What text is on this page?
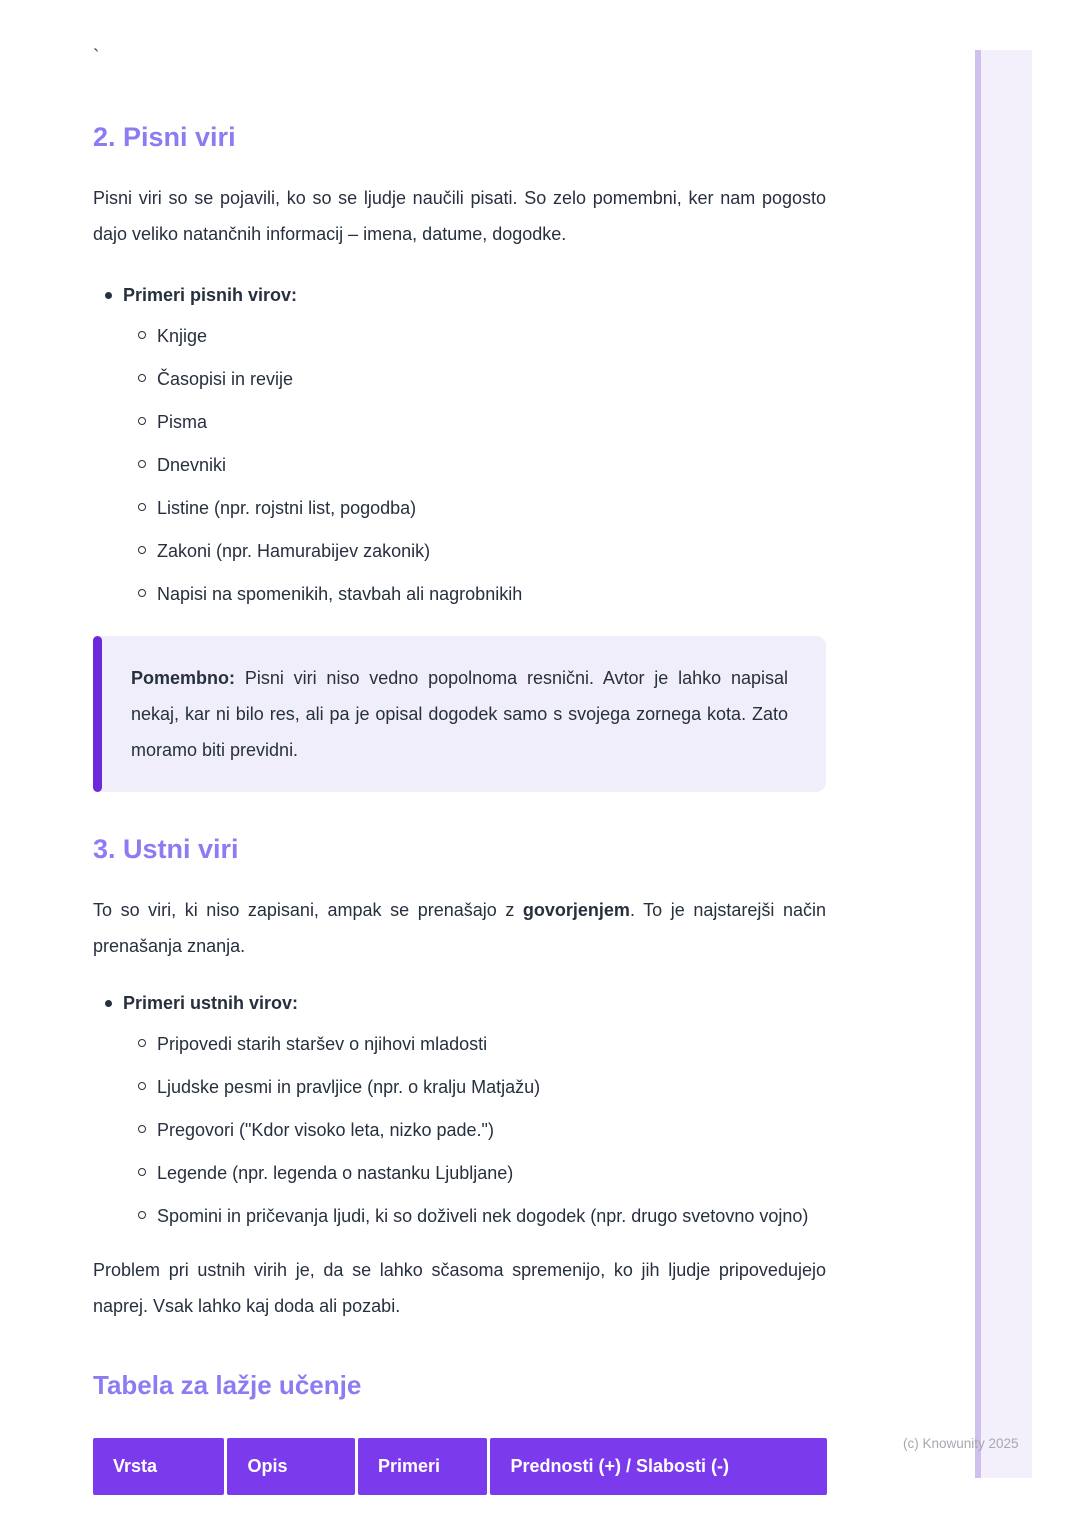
(c) Knowunity 2025
`
2. Pisni viri

Pisni viri so se pojavili, ko so se ljudje naučili pisati. So zelo pomembni, ker nam pogosto dajo veliko natančnih informacij – imena, datume, dogodke.

Primeri pisnih virov:
Knjige
Časopisi in revije
Pisma
Dnevniki
Listine (npr. rojstni list, pogodba)
Zakoni (npr. Hamurabijev zakonik)
Napisi na spomenikih, stavbah ali nagrobnikih
Pomembno: Pisni viri niso vedno popolnoma resnični. Avtor je lahko napisal nekaj, kar ni bilo res, ali pa je opisal dogodek samo s svojega zornega kota. Zato moramo biti previdni.
3. Ustni viri

To so viri, ki niso zapisani, ampak se prenašajo z govorjenjem. To je najstarejši način prenašanja znanja.

Primeri ustnih virov:
Pripovedi starih staršev o njihovi mladosti
Ljudske pesmi in pravljice (npr. o kralju Matjažu)
Pregovori ("Kdor visoko leta, nizko pade.")
Legende (npr. legenda o nastanku Ljubljane)
Spomini in pričevanja ljudi, ki so doživeli nek dogodek (npr. drugo svetovno vojno)

Problem pri ustnih virih je, da se lahko sčasoma spremenijo, ko jih ljudje pripovedujejo naprej. Vsak lahko kaj doda ali pozabi.

Tabela za lažje učenje
Vrsta	Opis	Primeri	Prednosti (+) / Slabosti (-)
